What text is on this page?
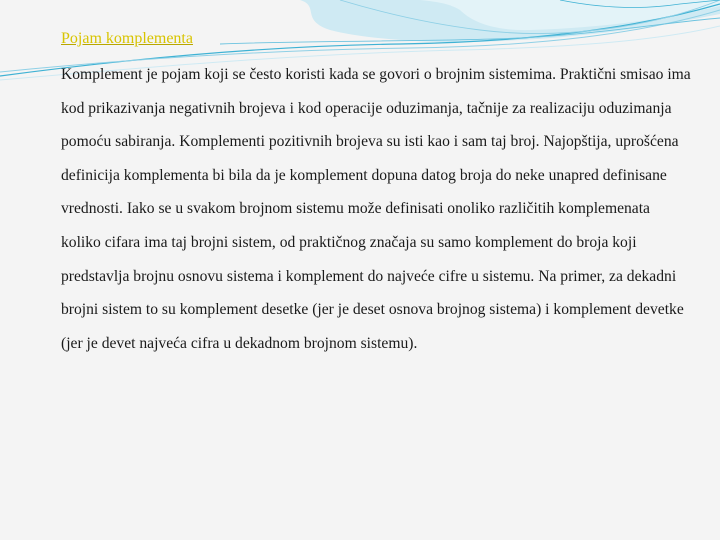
Pojam komplementa

Komplement je pojam koji se često koristi kada se govori o brojnim sistemima. Praktični smisao ima kod prikazivanja negativnih brojeva i kod operacije oduzimanja, tačnije za realizaciju oduzimanja pomoću sabiranja. Komplementi pozitivnih brojeva su isti kao i sam taj broj. Najopštija, uprošćena definicija komplementa bi bila da je komplement dopuna datog broja do neke unapred definisane vrednosti. Iako se u svakom brojnom sistemu može definisati onoliko različitih komplemenata koliko cifara ima taj brojni sistem, od praktičnog značaja su samo komplement do broja koji predstavlja brojnu osnovu sistema i komplement do najveće cifre u sistemu. Na primer, za dekadni brojni sistem to su komplement desetke (jer je deset osnova brojnog sistema) i komplement devetke (jer je devet najveća cifra u dekadnom brojnom sistemu).
